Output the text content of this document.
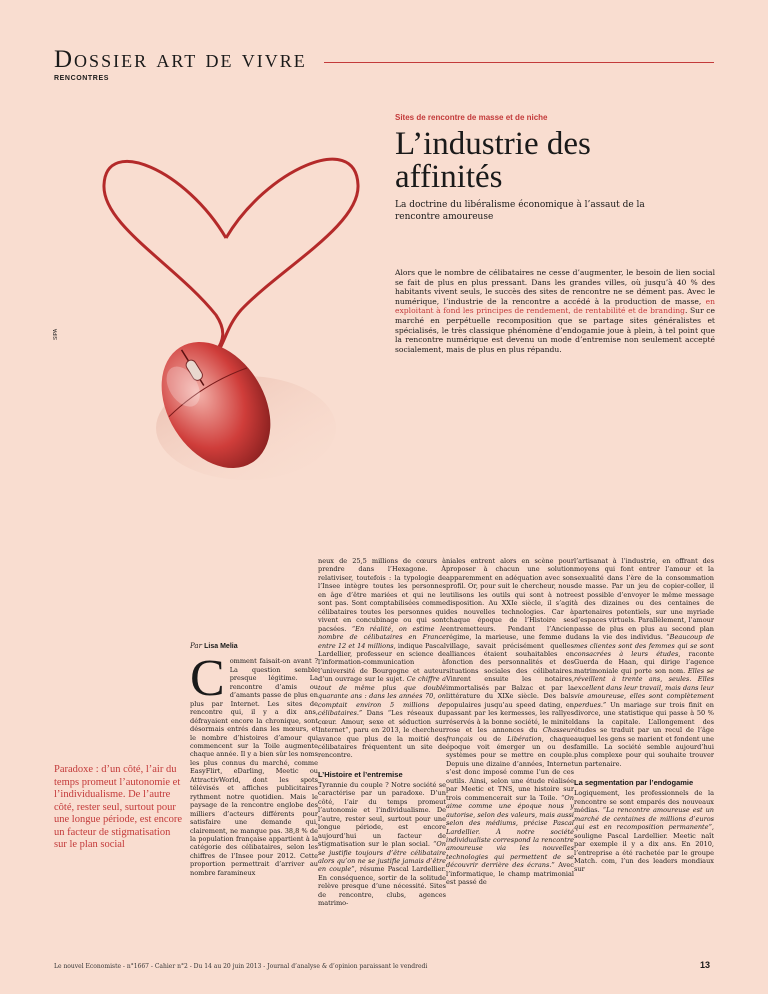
Dossier art de vivre
RENCONTRES
SIPA
Sites de rencontre de masse et de niche
L’industrie des affinités
La doctrine du libéralisme économique à l’assaut de la rencontre amoureuse
Alors que le nombre de célibataires ne cesse d’augmenter, le besoin de lien social se fait de plus en plus pressant. Dans les grandes villes, où jusqu’à 40 % des habitants vivent seuls, le succès des sites de rencontre ne se dément pas. Avec le numérique, l’industrie de la rencontre a accédé à la production de masse, en exploitant à fond les principes de rendement, de rentabilité et de branding. Sur ce marché en perpétuelle recomposition que se partage sites généralistes et spécialisés, le très classique phénomène d’endogamie joue à plein, à tel point que la rencontre numérique est devenu un mode d’entremise non seulement accepté socialement, mais de plus en plus répandu.
Paradoxe : d’un côté, l’air du temps promeut l’autonomie et l’individualisme. De l’autre côté, rester seul, surtout pour une longue période, est encore un facteur de stigmatisation sur le plan social
Par Lisa Melia

Comment faisait-on avant ? La question semble presque légitime. La rencontre d’amis ou d’amants passe de plus en plus par Internet. Les sites de rencontre qui, il y a dix ans, défrayaient encore la chronique, sont désormais entrés dans les mœurs, et le nombre d’histoires d’amour qui commencent sur la Toile augmente chaque année. Il y a bien sûr les noms les plus connus du marché, comme EasyFlirt, eDarling, Meetic ou AttractivWorld, dont les spots télévisés et affiches publicitaires rythment notre quotidien. Mais le paysage de la rencontre englobe des milliers d’acteurs différents pour satisfaire une demande qui, clairement, ne manque pas. 38,8 % de la population française appartient à la catégorie des célibataires, selon les chiffres de l’Insee pour 2012. Cette proportion permettrait d’arriver au nombre faramineux

neux de 25,5 millions de cœurs à prendre dans l’Hexagone. À relativiser, toutefois : la typologie de l’Insee intègre toutes les personnes en âge d’être mariées et qui ne le sont pas. Sont comptabilisées comme célibataires toutes les personnes qui vivent en concubinage ou qui sont pacsées. “En réalité, on estime le nombre de célibataires en France entre 12 et 14 millions, indique Pascal Lardellier, professeur en science de l’information-communication à l’université de Bourgogne et auteur d’un ouvrage sur le sujet. Ce chiffre a tout de même plus que doublé quarante ans : dans les années 70, on comptait environ 5 millions de célibataires.” Dans “Les réseaux du cœur. Amour, sexe et séduction sur Internet”, paru en 2013, le chercheur avance que plus de la moitié des célibataires fréquentent un site de rencontre.

L’Histoire et l’entremise

Tyrannie du couple ? Notre société se caractérise par un paradoxe. D’un côté, l’air du temps promeut l’autonomie et l’individualisme. De l’autre, rester seul, surtout pour une longue période, est encore aujourd’hui un facteur de stigmatisation sur le plan social. “On se justifie toujours d’être célibataire alors qu’on ne se justifie jamais d’être en couple”, résume Pascal Lardellier. En conséquence, sortir de la solitude relève presque d’une nécessité. Sites de rencontre, clubs, agences matrimo-

niales entrent alors en scène pour proposer à chacun une solution apparemment en adéquation avec son profil. Or, pour suit le chercheur, nous utilisons les outils qui sont à notre disposition. Au XXIe siècle, il s’agit des nouvelles technologies. Car à chaque époque de l’Histoire ses entremetteurs. Pendant l’Ancien régime, la marieuse, une femme du village, savait précisément quelles alliances étaient souhaitables en fonction des personnalités et des situations sociales des célibataires. Vinrent ensuite les notaires, immortalisés par Balzac et par la littérature du XIXe siècle. Des bals populaires jusqu’au speed dating, en passant par les kermesses, les rallyes réservés à la bonne société, le minitel rose et les annonces du Chasseur français ou de Libération, chaque époque voit émerger un ou des systèmes pour se mettre en couple. Depuis une dizaine d’années, Internet s’est donc imposé comme l’un de ces outils. Ainsi, selon une étude réalisée par Meetic et TNS, une histoire sur trois commencerait sur la Toile. “On aime comme une époque nous y autorise, selon des valeurs, mais aussi selon des médiums, précise Pascal Lardellier. À notre société individualiste correspond la rencontre amoureuse via les nouvelles technologies qui permettent de se découvrir derrière des écrans.” Avec l’informatique, le champ matrimonial est passé de

l’artisanat à l’industrie, en offrant des moyens qui font entrer l’amour et la sexualité dans l’ère de la consommation de masse. Par un jeu de copier-coller, il est possible d’envoyer le même message à des dizaines ou des centaines de partenaires potentiels, sur une myriade d’espaces virtuels. Parallèlement, l’amour passe de plus en plus au second plan dans la vie des individus. “Beaucoup de mes clientes sont des femmes qui se sont consacrées à leurs études, raconte Guerda de Haan, qui dirige l’agence matrimoniale qui porte son nom. Elles se réveillent à trente ans, seules. Elles excellent dans leur travail, mais dans leur vie amoureuse, elles sont complètement perdues.” Un mariage sur trois finit en divorce, une statistique qui passe à 50 % dans la capitale. L’allongement des études se traduit par un recul de l’âge auquel les gens se marient et fondent une famille. La société semble aujourd’hui plus complexe pour qui souhaite trouver un partenaire.

La segmentation par l’endogamie

Logiquement, les professionnels de la rencontre se sont emparés des nouveaux médias. “La rencontre amoureuse est un marché de centaines de millions d’euros qui est en recomposition permanente”, souligne Pascal Lardellier. Meetic naît par exemple il y a dix ans. En 2010, l’entreprise a été rachetée par le groupe Match. com, l’un des leaders mondiaux sur

Le nouvel Economiste - n°1667 - Cahier n°2 - Du 14 au 20 juin 2013 - Journal d’analyse & d’opinion paraissant le vendredi	13
